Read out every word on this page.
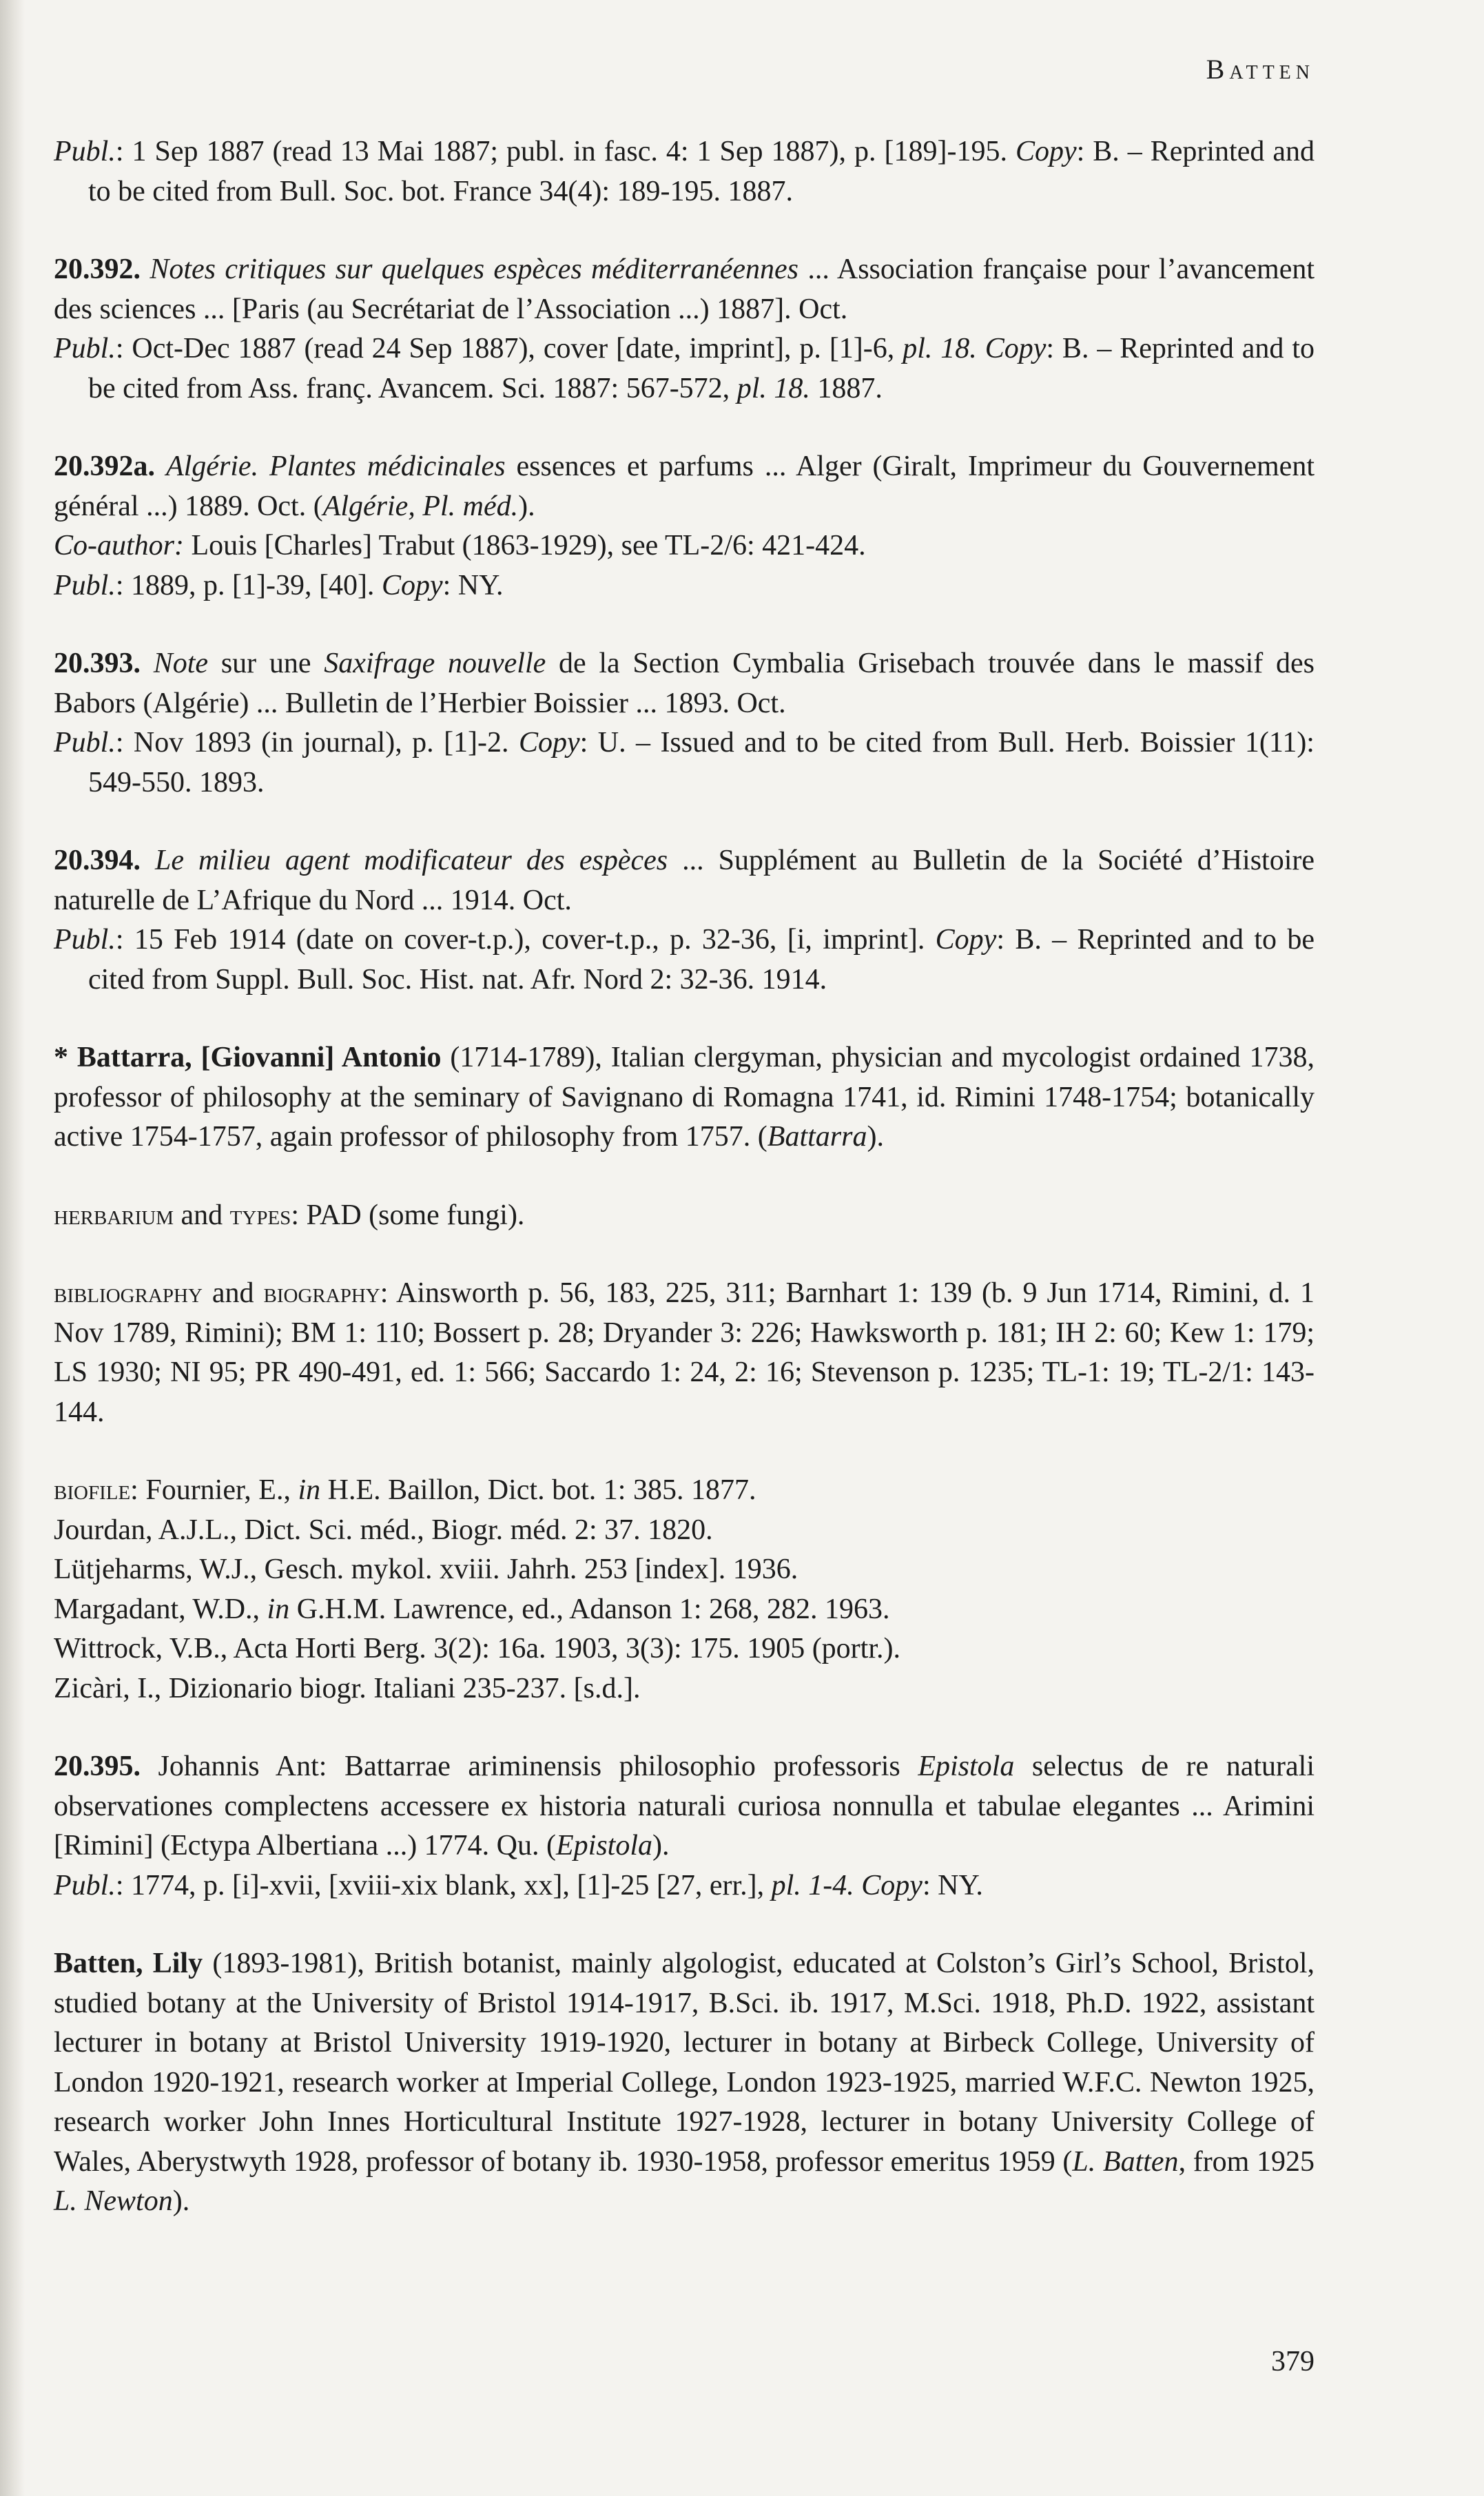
Batten
Publ.: 1 Sep 1887 (read 13 Mai 1887; publ. in fasc. 4: 1 Sep 1887), p. [189]-195. Copy: B. – Reprinted and to be cited from Bull. Soc. bot. France 34(4): 189-195. 1887.
20.392. Notes critiques sur quelques espèces méditerranéennes ... Association française pour l’avancement des sciences ... [Paris (au Secrétariat de l’Association ...) 1887]. Oct.
Publ.: Oct-Dec 1887 (read 24 Sep 1887), cover [date, imprint], p. [1]-6, pl. 18. Copy: B. – Reprinted and to be cited from Ass. franç. Avancem. Sci. 1887: 567-572, pl. 18. 1887.
20.392a. Algérie. Plantes médicinales essences et parfums ... Alger (Giralt, Imprimeur du Gouvernement général ...) 1889. Oct. (Algérie, Pl. méd.).
Co-author: Louis [Charles] Trabut (1863-1929), see TL-2/6: 421-424.
Publ.: 1889, p. [1]-39, [40]. Copy: NY.
20.393. Note sur une Saxifrage nouvelle de la Section Cymbalia Grisebach trouvée dans le massif des Babors (Algérie) ... Bulletin de l’Herbier Boissier ... 1893. Oct.
Publ.: Nov 1893 (in journal), p. [1]-2. Copy: U. – Issued and to be cited from Bull. Herb. Boissier 1(11): 549-550. 1893.
20.394. Le milieu agent modificateur des espèces ... Supplément au Bulletin de la Société d’Histoire naturelle de L’Afrique du Nord ... 1914. Oct.
Publ.: 15 Feb 1914 (date on cover-t.p.), cover-t.p., p. 32-36, [i, imprint]. Copy: B. – Reprinted and to be cited from Suppl. Bull. Soc. Hist. nat. Afr. Nord 2: 32-36. 1914.
* Battarra, [Giovanni] Antonio (1714-1789), Italian clergyman, physician and mycologist ordained 1738, professor of philosophy at the seminary of Savignano di Romagna 1741, id. Rimini 1748-1754; botanically active 1754-1757, again professor of philosophy from 1757. (Battarra).
herbarium and types: PAD (some fungi).
bibliography and biography: Ainsworth p. 56, 183, 225, 311; Barnhart 1: 139 (b. 9 Jun 1714, Rimini, d. 1 Nov 1789, Rimini); BM 1: 110; Bossert p. 28; Dryander 3: 226; Hawksworth p. 181; IH 2: 60; Kew 1: 179; LS 1930; NI 95; PR 490-491, ed. 1: 566; Saccardo 1: 24, 2: 16; Stevenson p. 1235; TL-1: 19; TL-2/1: 143-144.
biofile: Fournier, E., in H.E. Baillon, Dict. bot. 1: 385. 1877.
Jourdan, A.J.L., Dict. Sci. méd., Biogr. méd. 2: 37. 1820.
Lütjeharms, W.J., Gesch. mykol. xviii. Jahrh. 253 [index]. 1936.
Margadant, W.D., in G.H.M. Lawrence, ed., Adanson 1: 268, 282. 1963.
Wittrock, V.B., Acta Horti Berg. 3(2): 16a. 1903, 3(3): 175. 1905 (portr.).
Zicàri, I., Dizionario biogr. Italiani 235-237. [s.d.].
20.395. Johannis Ant: Battarrae ariminensis philosophio professoris Epistola selectus de re naturali observationes complectens accessere ex historia naturali curiosa nonnulla et tabulae elegantes ... Arimini [Rimini] (Ectypa Albertiana ...) 1774. Qu. (Epistola).
Publ.: 1774, p. [i]-xvii, [xviii-xix blank, xx], [1]-25 [27, err.], pl. 1-4. Copy: NY.
Batten, Lily (1893-1981), British botanist, mainly algologist, educated at Colston’s Girl’s School, Bristol, studied botany at the University of Bristol 1914-1917, B.Sci. ib. 1917, M.Sci. 1918, Ph.D. 1922, assistant lecturer in botany at Bristol University 1919-1920, lecturer in botany at Birbeck College, University of London 1920-1921, research worker at Imperial College, London 1923-1925, married W.F.C. Newton 1925, research worker John Innes Horticultural Institute 1927-1928, lecturer in botany University College of Wales, Aberystwyth 1928, professor of botany ib. 1930-1958, professor emeritus 1959 (L. Batten, from 1925 L. Newton).
379
